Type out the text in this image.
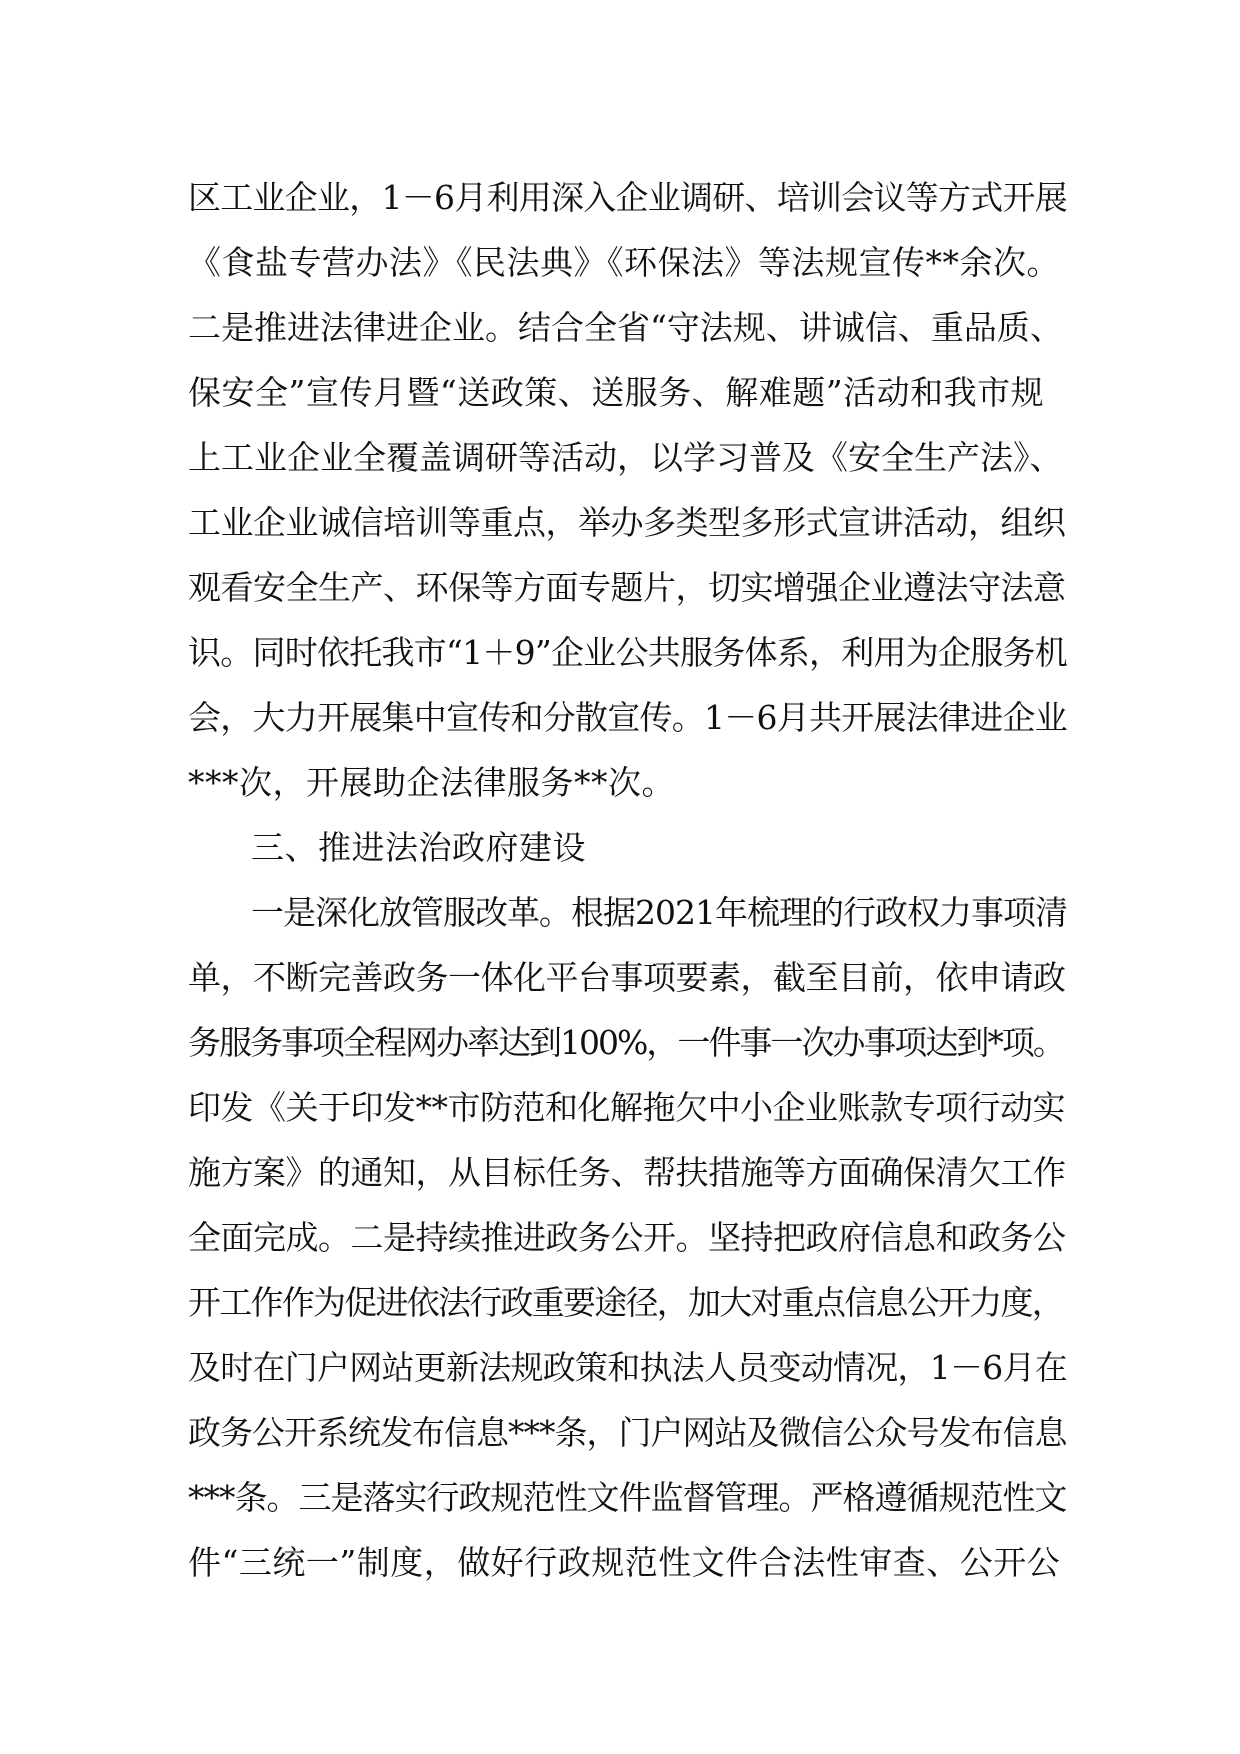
区工业企业，1－6月利用深入企业调研、培训会议等方式开展
《食盐专营办法》《民法典》《环保法》等法规宣传**余次。
二是推进法律进企业。结合全省“守法规、讲诚信、重品质、
保安全”宣传月暨“送政策、送服务、解难题”活动和我市规
上工业企业全覆盖调研等活动，以学习普及《安全生产法》、
工业企业诚信培训等重点，举办多类型多形式宣讲活动，组织
观看安全生产、环保等方面专题片，切实增强企业遵法守法意
识。同时依托我市“1＋9”企业公共服务体系，利用为企服务机
会，大力开展集中宣传和分散宣传。1－6月共开展法律进企业
***次，开展助企法律服务**次。
三、推进法治政府建设
一是深化放管服改革。根据2021年梳理的行政权力事项清
单，不断完善政务一体化平台事项要素，截至目前，依申请政
务服务事项全程网办率达到100%，一件事一次办事项达到*项。
印发《关于印发**市防范和化解拖欠中小企业账款专项行动实
施方案》的通知，从目标任务、帮扶措施等方面确保清欠工作
全面完成。二是持续推进政务公开。坚持把政府信息和政务公
开工作作为促进依法行政重要途径，加大对重点信息公开力度，
及时在门户网站更新法规政策和执法人员变动情况，1－6月在
政务公开系统发布信息***条，门户网站及微信公众号发布信息
***条。三是落实行政规范性文件监督管理。严格遵循规范性文
件“三统一”制度，做好行政规范性文件合法性审查、公开公
